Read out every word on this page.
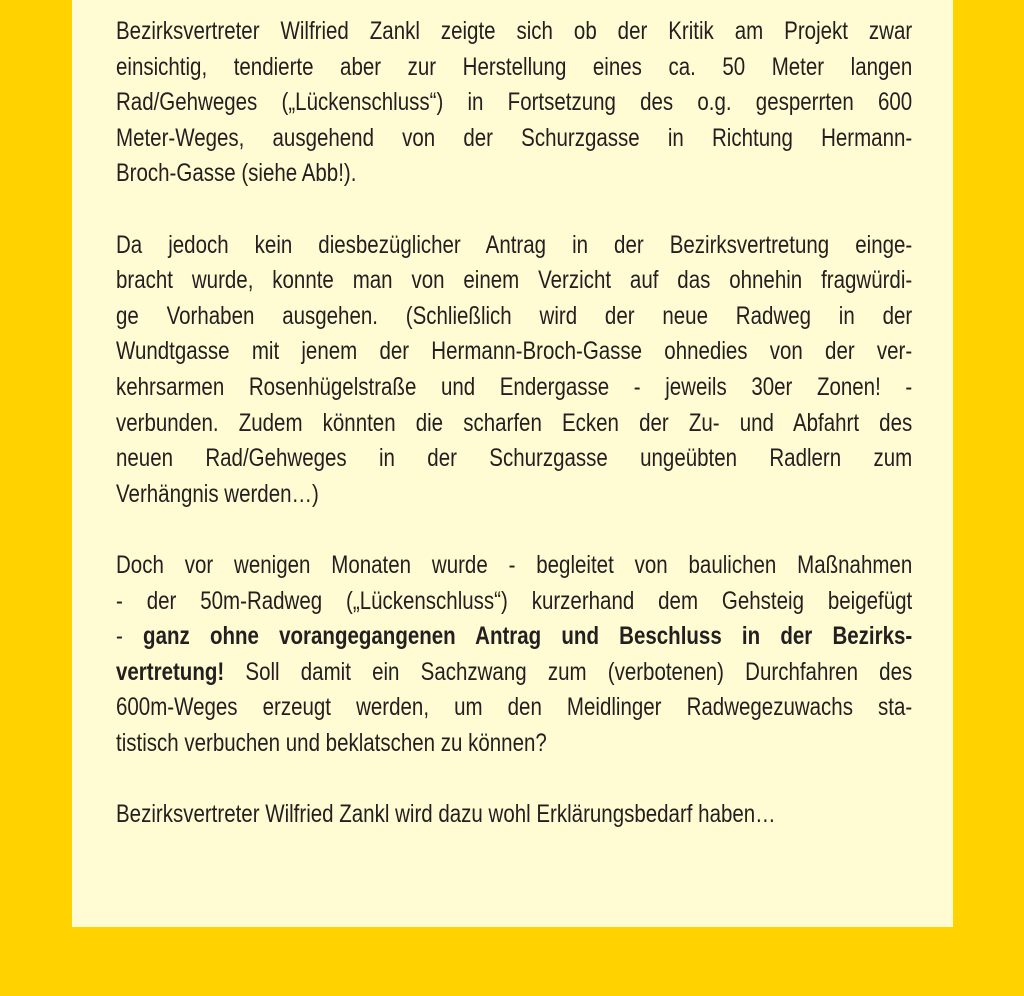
Bezirksvertreter Wilfried Zankl zeigte sich ob der Kritik am Projekt zwar
einsichtig, tendierte aber zur Herstellung eines ca. 50 Meter langen
Rad/Gehweges („Lückenschluss“) in Fortsetzung des o.g. gesperrten 600
Meter-Weges, ausgehend von der Schurzgasse in Richtung Hermann-
Broch-Gasse (siehe Abb!).
Da jedoch kein diesbezüglicher Antrag in der Bezirksvertretung einge-
bracht wurde, konnte man von einem Verzicht auf das ohnehin fragwürdi-
ge Vorhaben ausgehen. (Schließlich wird der neue Radweg in der
Wundtgasse mit jenem der Hermann-Broch-Gasse ohnedies von der ver-
kehrsarmen Rosenhügelstraße und Endergasse - jeweils 30er Zonen! -
verbunden. Zudem könnten die scharfen Ecken der Zu- und Abfahrt des
neuen Rad/Gehweges in der Schurzgasse ungeübten Radlern zum
Verhängnis werden…)
Doch vor wenigen Monaten wurde - begleitet von baulichen Maßnahmen
- der 50m-Radweg („Lückenschluss“) kurzerhand dem Gehsteig beigefügt
- ganz ohne vorangegangenen Antrag und Beschluss in der Bezirks-
vertretung! Soll damit ein Sachzwang zum (verbotenen) Durchfahren des
600m-Weges erzeugt werden, um den Meidlinger Radwegezuwachs sta-
tistisch verbuchen und beklatschen zu können?
Bezirksvertreter Wilfried Zankl wird dazu wohl Erklärungsbedarf haben…
